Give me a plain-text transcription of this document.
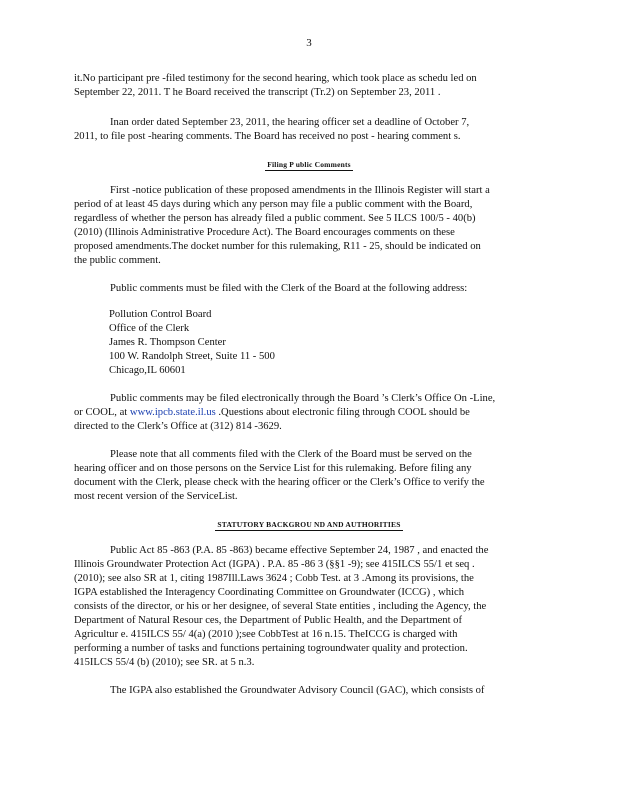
3

it.No participant pre -filed testimony for the second hearing, which took place as schedu led on

September 22, 2011. T he Board received the transcript (Tr.2) on September 23, 2011 .

Inan order dated September 23, 2011, the hearing officer set a deadline of October 7,

2011, to file post -hearing comments. The Board has received no post - hearing comment s.

Filing P ublic Comments

First -notice publication of these proposed amendments in the Illinois Register will start a

period of at least 45 days during which any person may file a public comment with the Board,

regardless of whether the person has already filed a public comment. See 5 ILCS 100/5 - 40(b)

(2010) (Illinois Administrative Procedure Act). The Board encourages comments on these

proposed amendments.The docket number for this rulemaking, R11 - 25, should be indicated on

the public comment.

Public comments must be filed with the Clerk of the Board at the following address:

Pollution Control Board
Office of the Clerk
James R. Thompson Center
100 W. Randolph Street, Suite 11 - 500
Chicago,IL 60601

Public comments may be filed electronically through the Board ’s Clerk’s Office On -Line,

or COOL, at www.ipcb.state.il.us .Questions about electronic filing through COOL should be

directed to the Clerk’s Office at (312) 814 -3629.

Please note that all comments filed with the Clerk of the Board must be served on the

hearing officer and on those persons on the Service List for this rulemaking. Before filing any

document with the Clerk, please check with the hearing officer or the Clerk’s Office to verify the

most recent version of the ServiceList.

STATUTORY BACKGROU ND AND AUTHORITIES

Public Act 85 -863 (P.A. 85 -863) became effective September 24, 1987 , and enacted the

Illinois Groundwater Protection Act (IGPA) . P.A. 85 -86 3 (§§1 -9); see 415ILCS 55/1 et seq .

(2010); see also SR at 1, citing 1987Ill.Laws 3624 ; Cobb Test. at 3 .Among its provisions, the

IGPA established the Interagency Coordinating Committee on Groundwater (ICCG) , which

consists of the director, or his or her designee, of several State entities , including the Agency, the

Department of Natural Resour ces, the Department of Public Health, and the Department of

Agricultur e. 415ILCS 55/ 4(a) (2010 );see CobbTest at 16 n.15. TheICCG is charged with

performing a number of tasks and functions pertaining togroundwater quality and protection.

415ILCS 55/4 (b) (2010); see SR. at 5 n.3.

The IGPA also established the Groundwater Advisory Council (GAC), which consists of
